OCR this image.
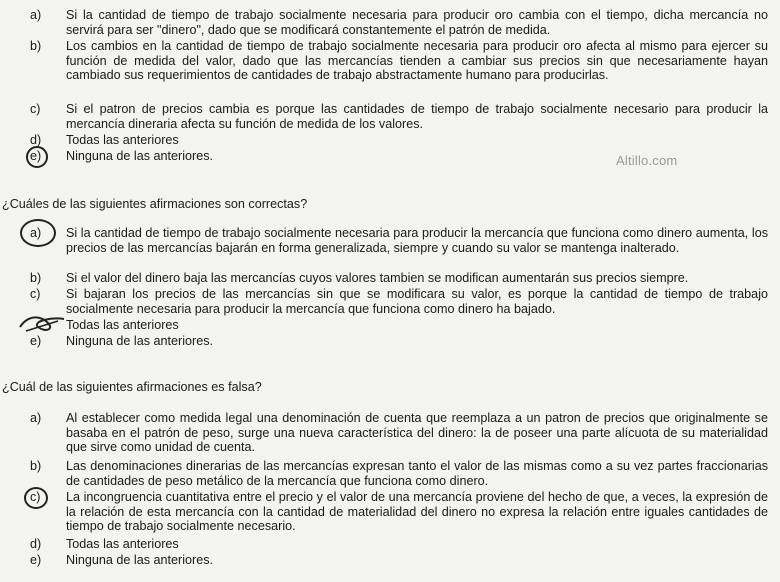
a)	Si la cantidad de tiempo de trabajo socialmente necesaria para producir oro cambia con el tiempo, dicha mercancía no servirá para ser "dinero", dado que se modificará constantemente el patrón de medida.
b)	Los cambios en la cantidad de tiempo de trabajo socialmente necesaria para producir oro afecta al mismo para ejercer su función de medida del valor, dado que las mercancías tienden a cambiar sus precios sin que necesariamente hayan cambiado sus requerimientos de cantidades de trabajo abstractamente humano para producirlas.
c)	Si el patron de precios cambia es porque las cantidades de tiempo de trabajo socialmente necesario para producir la mercancía dineraria afecta su función de medida de los valores.
d)	Todas las anteriores
e)	Ninguna de las anteriores.	Altillo.com
¿Cuáles de las siguientes afirmaciones son correctas?
a)	Si la cantidad de tiempo de trabajo socialmente necesaria para producir la mercancía que funciona como dinero aumenta, los precios de las mercancías bajarán en forma generalizada, siempre y cuando su valor se mantenga inalterado.
b)	Si el valor del dinero baja las mercancías cuyos valores tambien se modifican aumentarán sus precios siempre.
c)	Si bajaran los precios de las mercancías sin que se modificara su valor, es porque la cantidad de tiempo de trabajo socialmente necesaria para producir la mercancía que funciona como dinero ha bajado.
Todas las anteriores
e)	Ninguna de las anteriores.
¿Cuál de las siguientes afirmaciones es falsa?
a)	Al establecer como medida legal una denominación de cuenta que reemplaza a un patron de precios que originalmente se basaba en el patrón de peso, surge una nueva característica del dinero: la de poseer una parte alícuota de su materialidad que sirve como unidad de cuenta.
b)	Las denominaciones dinerarias de las mercancías expresan tanto el valor de las mismas como a su vez partes fraccionarias de cantidades de peso metálico de la mercancía que funciona como dinero.
c)	La incongruencia cuantitativa entre el precio y el valor de una mercancía proviene del hecho de que, a veces, la expresión de la relación de esta mercancía con la cantidad de materialidad del dinero no expresa la relación entre iguales cantidades de tiempo de trabajo socialmente necesario.
d)	Todas las anteriores
e)	Ninguna de las anteriores.
